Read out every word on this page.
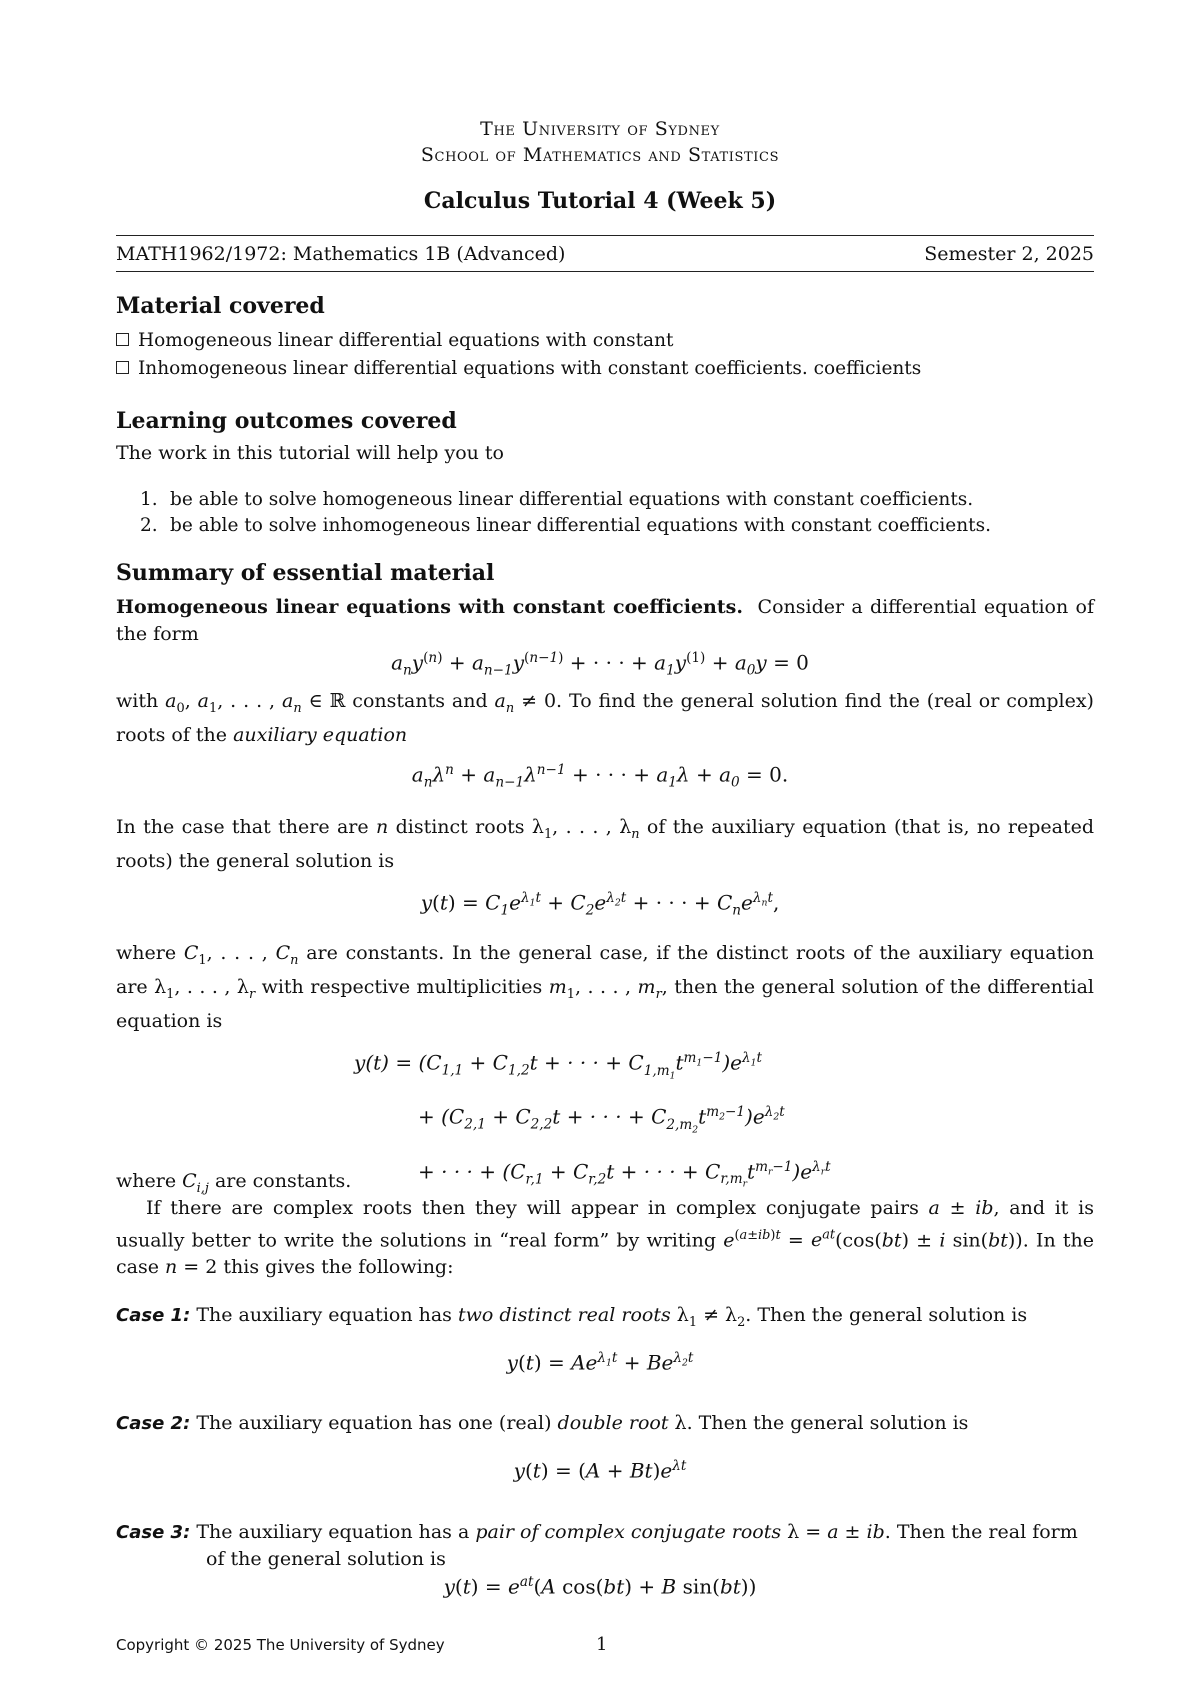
The University of Sydney
School of Mathematics and Statistics
Calculus Tutorial 4 (Week 5)
MATH1962/1972: Mathematics 1B (Advanced)	Semester 2, 2025
Material covered
Homogeneous linear differential equations with constant
Inhomogeneous linear differential equations with constant coefficients. coefficients
Learning outcomes covered
The work in this tutorial will help you to
1. be able to solve homogeneous linear differential equations with constant coefficients.
2. be able to solve inhomogeneous linear differential equations with constant coefficients.
Summary of essential material
Homogeneous linear equations with constant coefficients. Consider a differential equation of the form
$a_ny^{(n)} + a_{n-1}y^{(n-1)}$ + · · · + $a_1y^{(1)} + a_0y = 0$
with $a_0$, $a_1$, . . . , $a_n$ ∈ ℝ constants and $a_n \ne 0$. To find the general solution find the (real or complex) roots of the auxiliary equation
$a_n\lambda^n + a_{n-1}\lambda^{n-1}$ + · · · + $a_1\lambda + a_0 = 0$.
In the case that there are n distinct roots $\lambda_1$, . . . , $\lambda_n$ of the auxiliary equation (that is, no repeated roots) the general solution is
$y(t) = C_1e^{\lambda_1t} + C_2e^{\lambda_2t}$ + · · · + $C_ne^{\lambda_nt}$,
where $C_1$, . . . , $C_n$ are constants. In the general case, if the distinct roots of the auxiliary equation are $\lambda_1$, . . . , $\lambda_r$ with respective multiplicities $m_1$, . . . , $m_r$, then the general solution of the differential equation is
$y(t) = (C_{1,1} + C_{1,2}t$ + · · · + $C_{1,m_1}t^{m_1-1})e^{\lambda_1t}$
+ ($C_{2,1} + C_{2,2}t$ + · · · + $C_{2,m_2}t^{m_2-1})e^{\lambda_2t}$
+ · · · + ($C_{r,1} + C_{r,2}t$ + · · · + $C_{r,m_r}t^{m_r-1})e^{\lambda_rt}$
where $C_{i,j}$ are constants.
If there are complex roots then they will appear in complex conjugate pairs a ± ib, and it is usually better to write the solutions in “real form” by writing $e^{(a\pm ib)t} = e^{at}(\cos(bt) \pm i$ sin(bt)). In the case n = 2 this gives the following:
Case 1: The auxiliary equation has two distinct real roots $\lambda_1 \ne \lambda_2$. Then the general solution is
$y(t) = Ae^{\lambda_1t} + Be^{\lambda_2t}$
Case 2: The auxiliary equation has one (real) double root λ. Then the general solution is
$y(t) = (A + Bt)e^{\lambda t}$
Case 3: The auxiliary equation has a pair of complex conjugate roots λ = a ± ib. Then the real form
of the general solution is
$y(t) = e^{at}(A$ cos(bt) + B sin(bt))
Copyright © 2025 The University of Sydney	1
